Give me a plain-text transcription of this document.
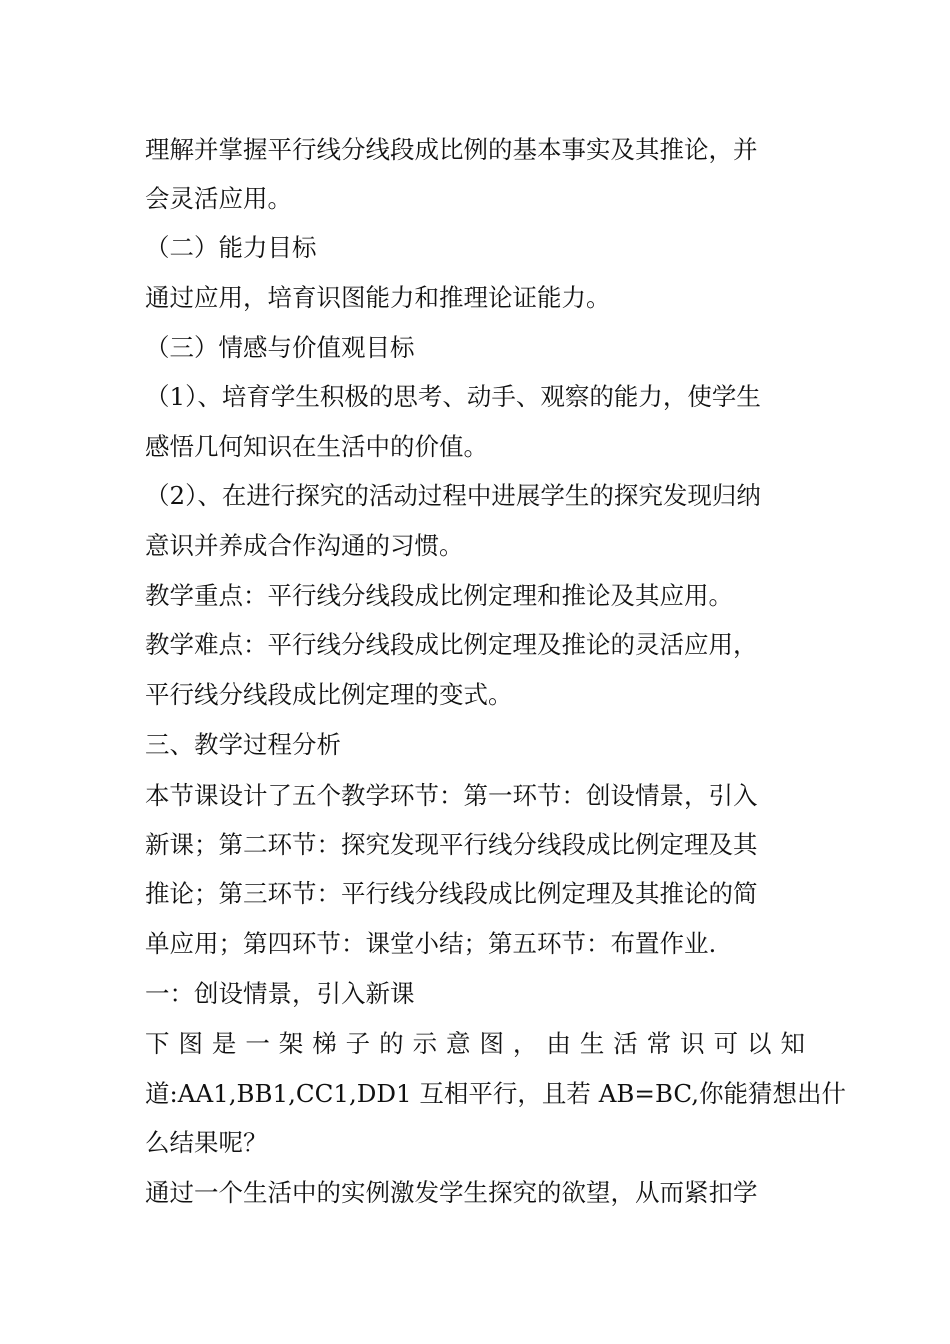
理解并掌握平行线分线段成比例的基本事实及其推论，并
会灵活应用。
（二）能力目标
通过应用，培育识图能力和推理论证能力。
（三）情感与价值观目标
（1）、培育学生积极的思考、动手、观察的能力，使学生
感悟几何知识在生活中的价值。
（2）、在进行探究的活动过程中进展学生的探究发现归纳
意识并养成合作沟通的习惯。
教学重点：平行线分线段成比例定理和推论及其应用。
教学难点：平行线分线段成比例定理及推论的灵活应用，
平行线分线段成比例定理的变式。
三、教学过程分析
本节课设计了五个教学环节：第一环节：创设情景，引入
新课；第二环节：探究发现平行线分线段成比例定理及其
推论；第三环节：平行线分线段成比例定理及其推论的简
单应用；第四环节：课堂小结；第五环节：布置作业.
一：创设情景，引入新课
下图是一架梯子的示意图，由生活常识可以知
道:AA1,BB1,CC1,DD1 互相平行，且若 AB=BC,你能猜想出什
么结果呢？
通过一个生活中的实例激发学生探究的欲望，从而紧扣学
